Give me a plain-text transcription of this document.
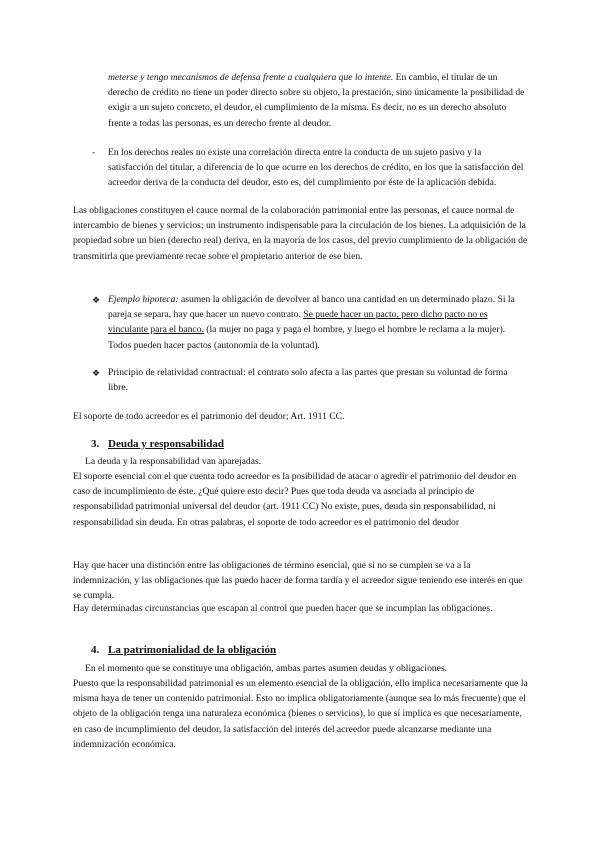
meterse y tengo mecanismos de defensa frente a cualquiera que lo intente. En cambio, el titular de un derecho de crédito no tiene un poder directo sobre su objeto, la prestación, sino únicamente la posibilidad de exigir a un sujeto concreto, el deudor, el cumplimiento de la misma. Es decir, no es un derecho absoluto frente a todas las personas, es un derecho frente al deudor.

- En los derechos reales no existe una correlación directa entre la conducta de un sujeto pasivo y la satisfacción del titular, a diferencia de lo que ocurre en los derechos de crédito, en los que la satisfacción del acreedor deriva de la conducta del deudor, esto es, del cumplimiento por éste de la aplicación debida.

Las obligaciones constituyen el cauce normal de la colaboración patrimonial entre las personas, el cauce normal de intercambio de bienes y servicios; un instrumento indispensable para la circulación de los bienes. La adquisición de la propiedad sobre un bien (derecho real) deriva, en la mayoría de los casos, del previo cumplimiento de la obligación de transmitirla que previamente recae sobre el propietario anterior de ese bien.

❖ Ejemplo hipoteca: asumen la obligación de devolver al banco una cantidad en un determinado plazo. Si la pareja se separa, hay que hacer un nuevo contrato. Se puede hacer un pacto, pero dicho pacto no es vinculante para el banco. (la mujer no paga y paga el hombre, y luego el hombre le reclama a la mujer). Todos pueden hacer pactos (autonomía de la voluntad).

❖ Principio de relatividad contractual: el contrato solo afecta a las partes que prestan su voluntad de forma libre.

El soporte de todo acreedor es el patrimonio del deudor; Art. 1911 CC.

3. Deuda y responsabilidad

La deuda y la responsabilidad van aparejadas.

El soporte esencial con el que cuenta todo acreedor es la posibilidad de atacar o agredir el patrimonio del deudor en caso de incumplimiento de éste. ¿Qué quiere esto decir? Pues que toda deuda va asociada al principio de responsabilidad patrimonial universal del deudor (art. 1911 CC) No existe, pues, deuda sin responsabilidad, ni responsabilidad sin deuda. En otras palabras, el soporte de todo acreedor es el patrimonio del deudor

Hay que hacer una distinción entre las obligaciones de término esencial, que si no se cumplen se va a la indemnización, y las obligaciones que las puedo hacer de forma tardía y el acreedor sigue teniendo ese interés en que se cumpla.

Hay determinadas circunstancias que escapan al control que pueden hacer que se incumplan las obligaciones.

4. La patrimonialidad de la obligación

En el momento que se constituye una obligación, ambas partes asumen deudas y obligaciones.

Puesto que la responsabilidad patrimonial es un elemento esencial de la obligación, ello implica necesariamente que la misma haya de tener un contenido patrimonial. Esto no implica obligatoriamente (aunque sea lo más frecuente) que el objeto de la obligación tenga una naturaleza económica (bienes o servicios), lo que sí implica es que necesariamente, en caso de incumplimiento del deudor, la satisfacción del interés del acreedor puede alcanzarse mediante una indemnización económica.
